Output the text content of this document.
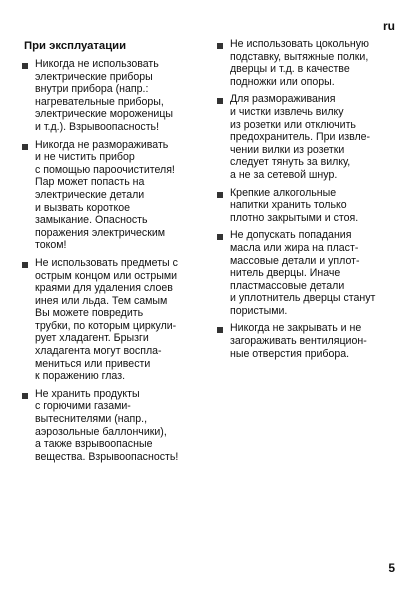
ru
При эксплуатации
Никогда не использовать
электрические приборы
внутри прибора (напр.:
нагревательные приборы,
электрические мороженицы
и т.д.). Взрывоопасность!
Никогда не размораживать
и не чистить прибор
с помощью пароочистителя!
Пар может попасть на
электрические детали
и вызвать короткое
замыкание. Опасность
поражения электрическим
током!
Не использовать предметы с
острым концом или острыми
краями для удаления слоев
инея или льда. Тем самым
Вы можете повредить
трубки, по которым циркули-
рует хладагент. Брызги
хладагента могут воспла-
мениться или привести
к поражению глаз.
Не хранить продукты
с горючими газами-
вытеснителями (напр.,
аэрозольные баллончики),
а также взрывоопасные
вещества. Взрывоопасность!
Не использовать цокольную
подставку, вытяжные полки,
дверцы и т.д. в качестве
подножки или опоры.
Для размораживания
и чистки извлечь вилку
из розетки или отключить
предохранитель. При извле-
чении вилки из розетки
следует тянуть за вилку,
а не за сетевой шнур.
Крепкие алкогольные
напитки хранить только
плотно закрытыми и стоя.
Не допускать попадания
масла или жира на пласт-
массовые детали и уплот-
нитель дверцы. Иначе
пластмассовые детали
и уплотнитель дверцы станут
пористыми.
Никогда не закрывать и не
загораживать вентиляцион-
ные отверстия прибора.
5
